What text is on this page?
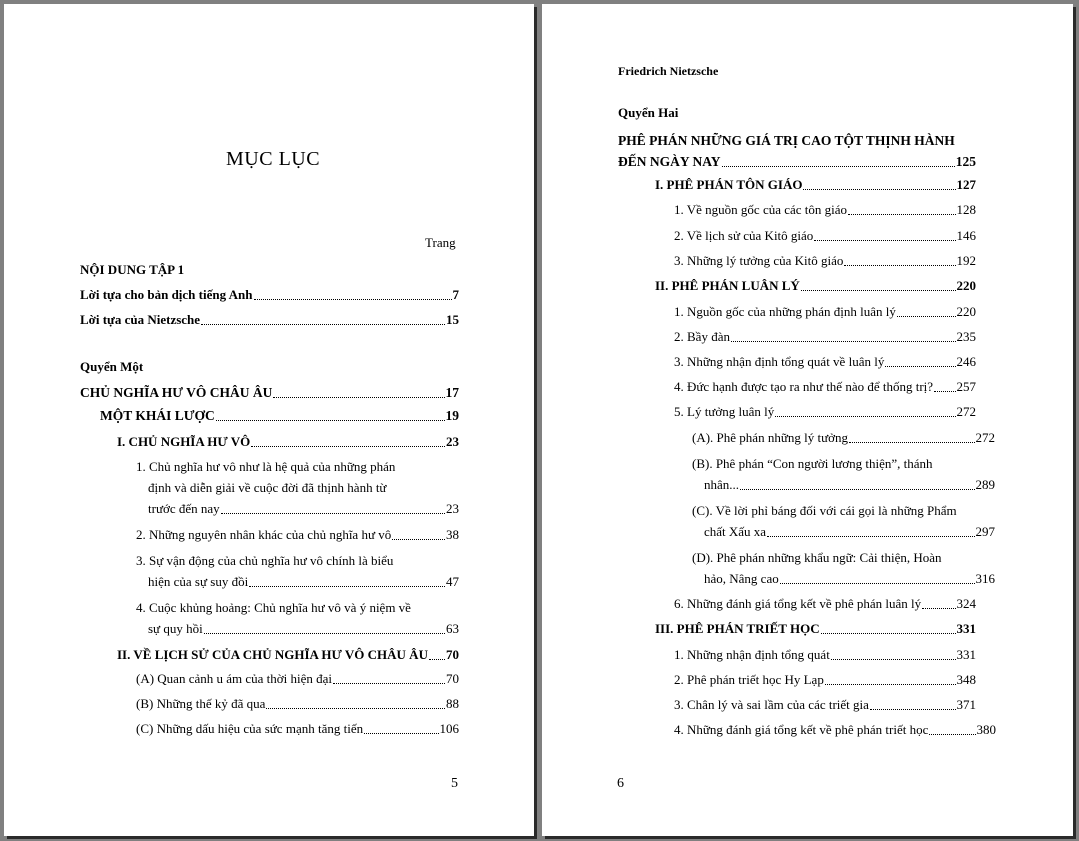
MỤC LỤC
Trang
NỘI DUNG TẬP 1
Lời tựa cho bản dịch tiếng Anh	7
Lời tựa của Nietzsche	15
Quyển Một
CHỦ NGHĨA HƯ VÔ CHÂU ÂU	17
MỘT KHÁI LƯỢC	19
I. CHỦ NGHĨA HƯ VÔ	23
1. Chủ nghĩa hư vô như là hệ quả của những phán
định và diễn giải về cuộc đời đã thịnh hành từ
trước đến nay	23
2. Những nguyên nhân khác của chủ nghĩa hư vô	38
3. Sự vận động của chủ nghĩa hư vô chính là biểu
hiện của sự suy đồi	47
4. Cuộc khủng hoảng: Chủ nghĩa hư vô và ý niệm về
sự quy hồi	63
II. VỀ LỊCH SỬ CỦA CHỦ NGHĨA HƯ VÔ CHÂU ÂU 70
(A) Quan cảnh u ám của thời hiện đại	70
(B) Những thế kỷ đã qua	88
(C) Những dấu hiệu của sức mạnh tăng tiến	106
5
Friedrich Nietzsche
Quyển Hai
PHÊ PHÁN NHỮNG GIÁ TRỊ CAO TỘT THỊNH HÀNH
ĐẾN NGÀY NAY	125
I. PHÊ PHÁN TÔN GIÁO	127
1. Về nguồn gốc của các tôn giáo	128
2. Về lịch sử của Kitô giáo	146
3. Những lý tưởng của Kitô giáo	192
II. PHÊ PHÁN LUÂN LÝ	220
1. Nguồn gốc của những phán định luân lý	220
2. Bầy đàn	235
3. Những nhận định tổng quát về luân lý	246
4. Đức hạnh được tạo ra như thế nào để thống trị? 257
5. Lý tưởng luân lý	272
(A). Phê phán những lý tưởng	272
(B). Phê phán “Con người lương thiện”, thánh
nhân...	289
(C). Về lời phỉ báng đối với cái gọi là những Phẩm
chất Xấu xa	297
(D). Phê phán những khẩu ngữ: Cải thiện, Hoàn
hảo, Nâng cao	316
6. Những đánh giá tổng kết về phê phán luân lý	324
III. PHÊ PHÁN TRIẾT HỌC	331
1. Những nhận định tổng quát	331
2. Phê phán triết học Hy Lạp	348
3. Chân lý và sai lầm của các triết gia	371
4. Những đánh giá tổng kết về phê phán triết học	380
6
